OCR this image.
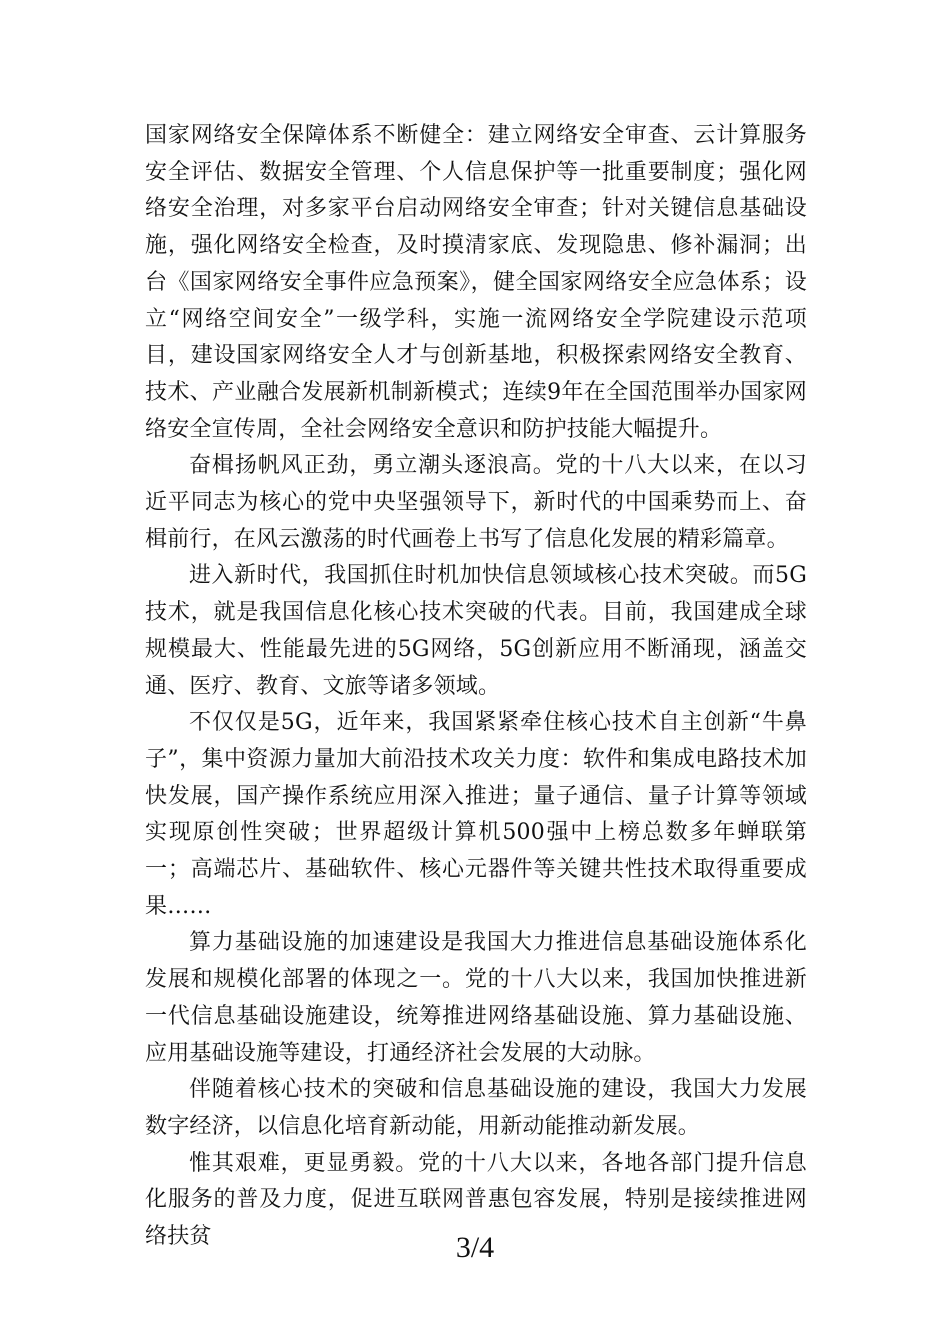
国家网络安全保障体系不断健全：建立网络安全审查、云计算服务安全评估、数据安全管理、个人信息保护等一批重要制度；强化网络安全治理，对多家平台启动网络安全审查；针对关键信息基础设施，强化网络安全检查，及时摸清家底、发现隐患、修补漏洞；出台《国家网络安全事件应急预案》，健全国家网络安全应急体系；设立“网络空间安全”一级学科，实施一流网络安全学院建设示范项目，建设国家网络安全人才与创新基地，积极探索网络安全教育、技术、产业融合发展新机制新模式；连续9年在全国范围举办国家网络安全宣传周，全社会网络安全意识和防护技能大幅提升。

奋楫扬帆风正劲，勇立潮头逐浪高。党的十八大以来，在以习近平同志为核心的党中央坚强领导下，新时代的中国乘势而上、奋楫前行，在风云激荡的时代画卷上书写了信息化发展的精彩篇章。

进入新时代，我国抓住时机加快信息领域核心技术突破。而5G技术，就是我国信息化核心技术突破的代表。目前，我国建成全球规模最大、性能最先进的5G网络，5G创新应用不断涌现，涵盖交通、医疗、教育、文旅等诸多领域。

不仅仅是5G，近年来，我国紧紧牵住核心技术自主创新“牛鼻子”，集中资源力量加大前沿技术攻关力度：软件和集成电路技术加快发展，国产操作系统应用深入推进；量子通信、量子计算等领域实现原创性突破；世界超级计算机500强中上榜总数多年蝉联第一；高端芯片、基础软件、核心元器件等关键共性技术取得重要成果……

算力基础设施的加速建设是我国大力推进信息基础设施体系化发展和规模化部署的体现之一。党的十八大以来，我国加快推进新一代信息基础设施建设，统筹推进网络基础设施、算力基础设施、应用基础设施等建设，打通经济社会发展的大动脉。

伴随着核心技术的突破和信息基础设施的建设，我国大力发展数字经济，以信息化培育新动能，用新动能推动新发展。

惟其艰难，更显勇毅。党的十八大以来，各地各部门提升信息化服务的普及力度，促进互联网普惠包容发展，特别是接续推进网络扶贫	3/4
